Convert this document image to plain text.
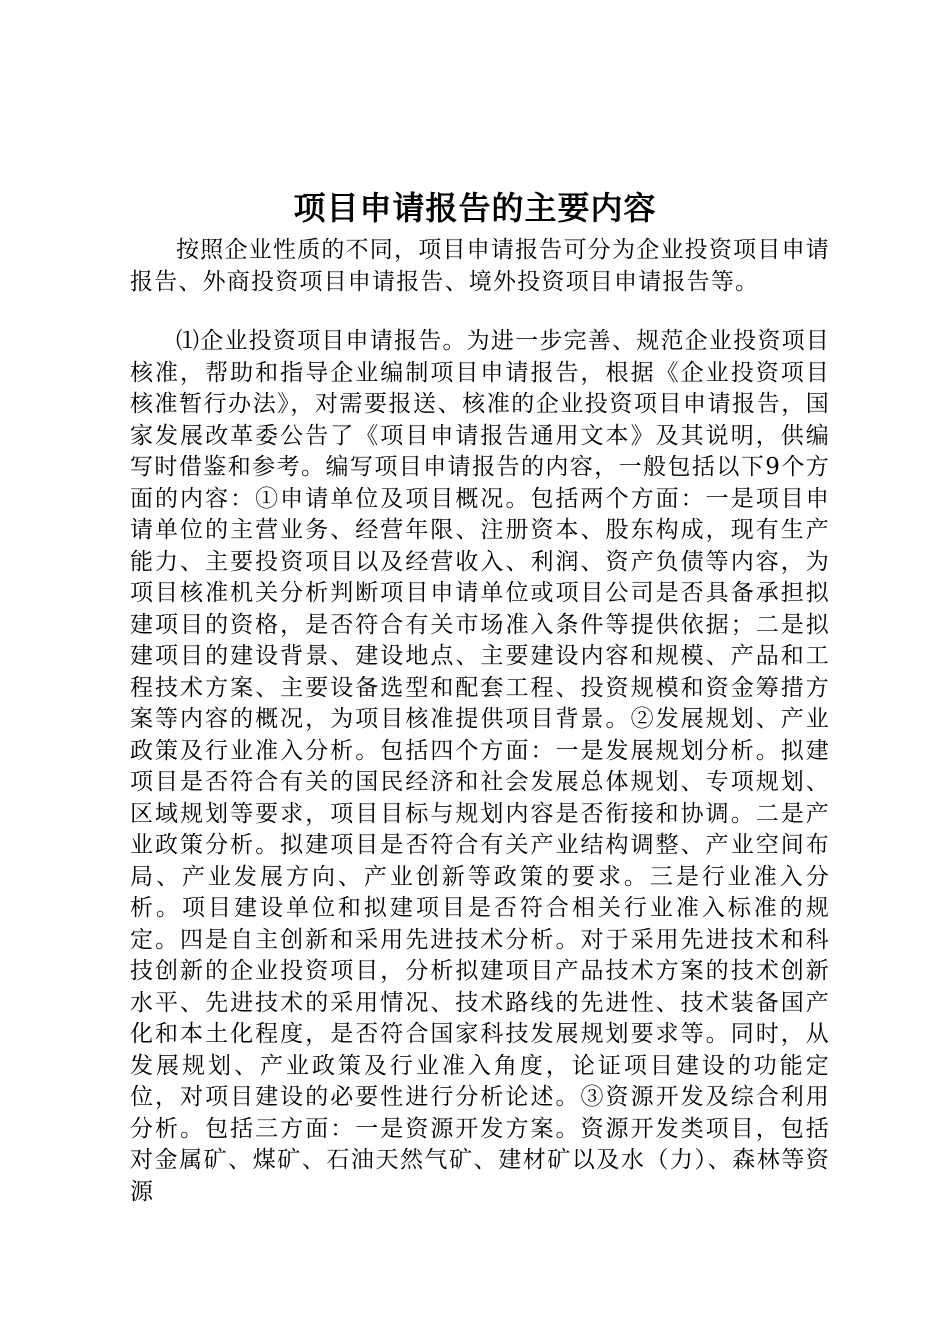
项目申请报告的主要内容

按照企业性质的不同，项目申请报告可分为企业投资项目申请报告、外商投资项目申请报告、境外投资项目申请报告等。

⑴企业投资项目申请报告。为进一步完善、规范企业投资项目核准，帮助和指导企业编制项目申请报告，根据《企业投资项目核准暂行办法》，对需要报送、核准的企业投资项目申请报告，国家发展改革委公告了《项目申请报告通用文本》及其说明，供编写时借鉴和参考。编写项目申请报告的内容，一般包括以下9个方面的内容：①申请单位及项目概况。包括两个方面：一是项目申请单位的主营业务、经营年限、注册资本、股东构成，现有生产能力、主要投资项目以及经营收入、利润、资产负债等内容，为项目核准机关分析判断项目申请单位或项目公司是否具备承担拟建项目的资格，是否符合有关市场准入条件等提供依据；二是拟建项目的建设背景、建设地点、主要建设内容和规模、产品和工程技术方案、主要设备选型和配套工程、投资规模和资金筹措方案等内容的概况，为项目核准提供项目背景。②发展规划、产业政策及行业准入分析。包括四个方面：一是发展规划分析。拟建项目是否符合有关的国民经济和社会发展总体规划、专项规划、区域规划等要求，项目目标与规划内容是否衔接和协调。二是产业政策分析。拟建项目是否符合有关产业结构调整、产业空间布局、产业发展方向、产业创新等政策的要求。三是行业准入分析。项目建设单位和拟建项目是否符合相关行业准入标准的规定。四是自主创新和采用先进技术分析。对于采用先进技术和科技创新的企业投资项目，分析拟建项目产品技术方案的技术创新水平、先进技术的采用情况、技术路线的先进性、技术装备国产化和本土化程度，是否符合国家科技发展规划要求等。同时，从发展规划、产业政策及行业准入角度，论证项目建设的功能定位，对项目建设的必要性进行分析论述。③资源开发及综合利用分析。包括三方面：一是资源开发方案。资源开发类项目，包括对金属矿、煤矿、石油天然气矿、建材矿以及水（力）、森林等资源
